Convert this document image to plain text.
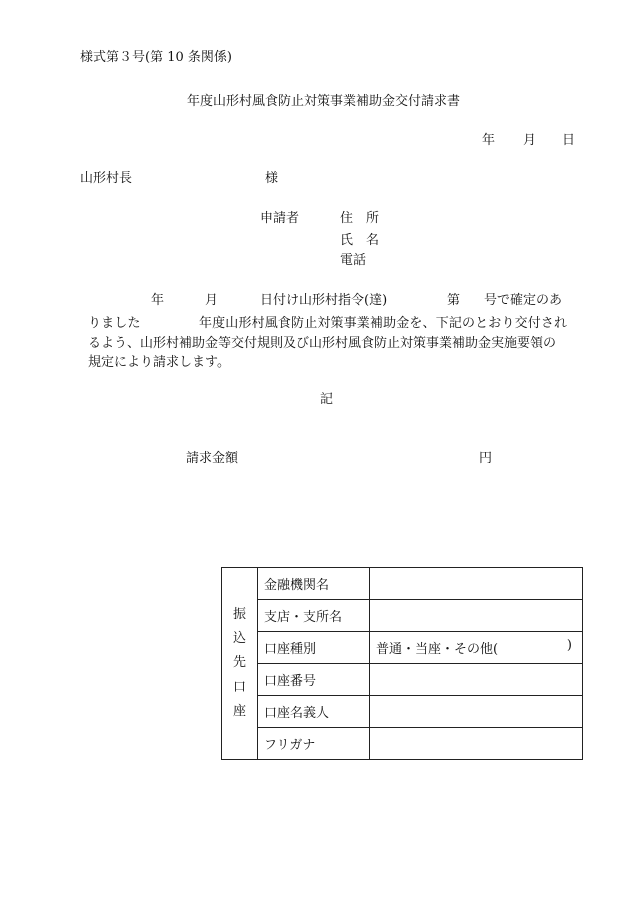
様式第３号(第 10 条関係)
年度山形村風食防止対策事業補助金交付請求書
年 月 日
山形村長	様
申請者	住　所
氏　名
電話
年	月	日付け山形村指令(達)	第 号で確定のあ
りました	年度山形村風食防止対策事業補助金を、下記のとおり交付され
るよう、山形村補助金等交付規則及び山形村風食防止対策事業補助金実施要領の
規定により請求します。
記
請求金額	円
振
込
先
口
座	金融機関名	
	支店・支所名	
	口座種別	普通・当座・その他( )

	口座番号	
	口座名義人	
	フリガナ	
